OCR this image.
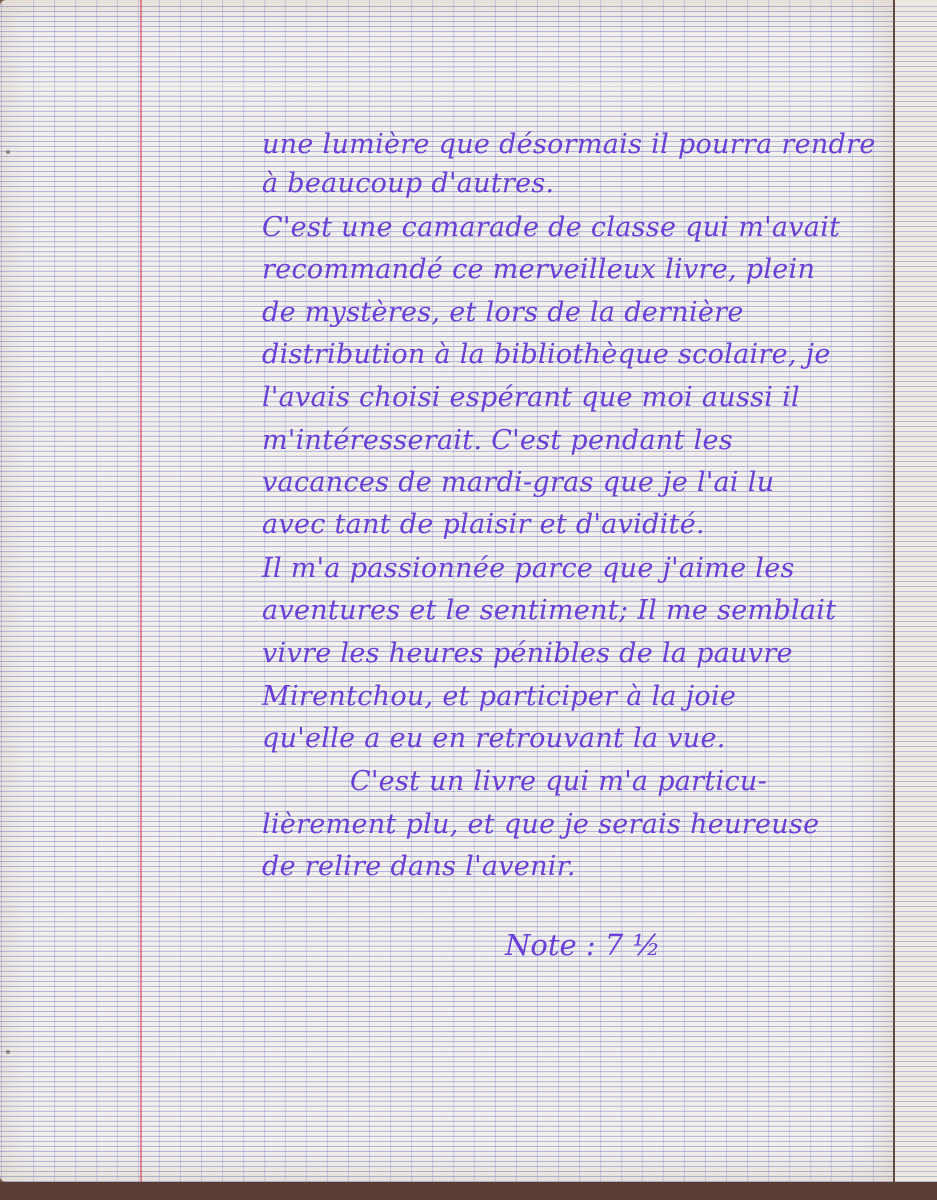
une lumière que désormais il pourra rendre
à beaucoup d'autres.
C'est une camarade de classe qui m'avait
recommandé ce merveilleux livre, plein
de mystères, et lors de la dernière
distribution à la bibliothèque scolaire, je
l'avais choisi espérant que moi aussi il
m'intéresserait. C'est pendant les
vacances de mardi-gras que je l'ai lu
avec tant de plaisir et d'avidité.
Il m'a passionnée parce que j'aime les
aventures et le sentiment; Il me semblait
vivre les heures pénibles de la pauvre
Mirentchou, et participer à la joie
qu'elle a eu en retrouvant la vue.
C'est un livre qui m'a particu-
lièrement plu, et que je serais heureuse
de relire dans l'avenir.
Note : 7 ½
